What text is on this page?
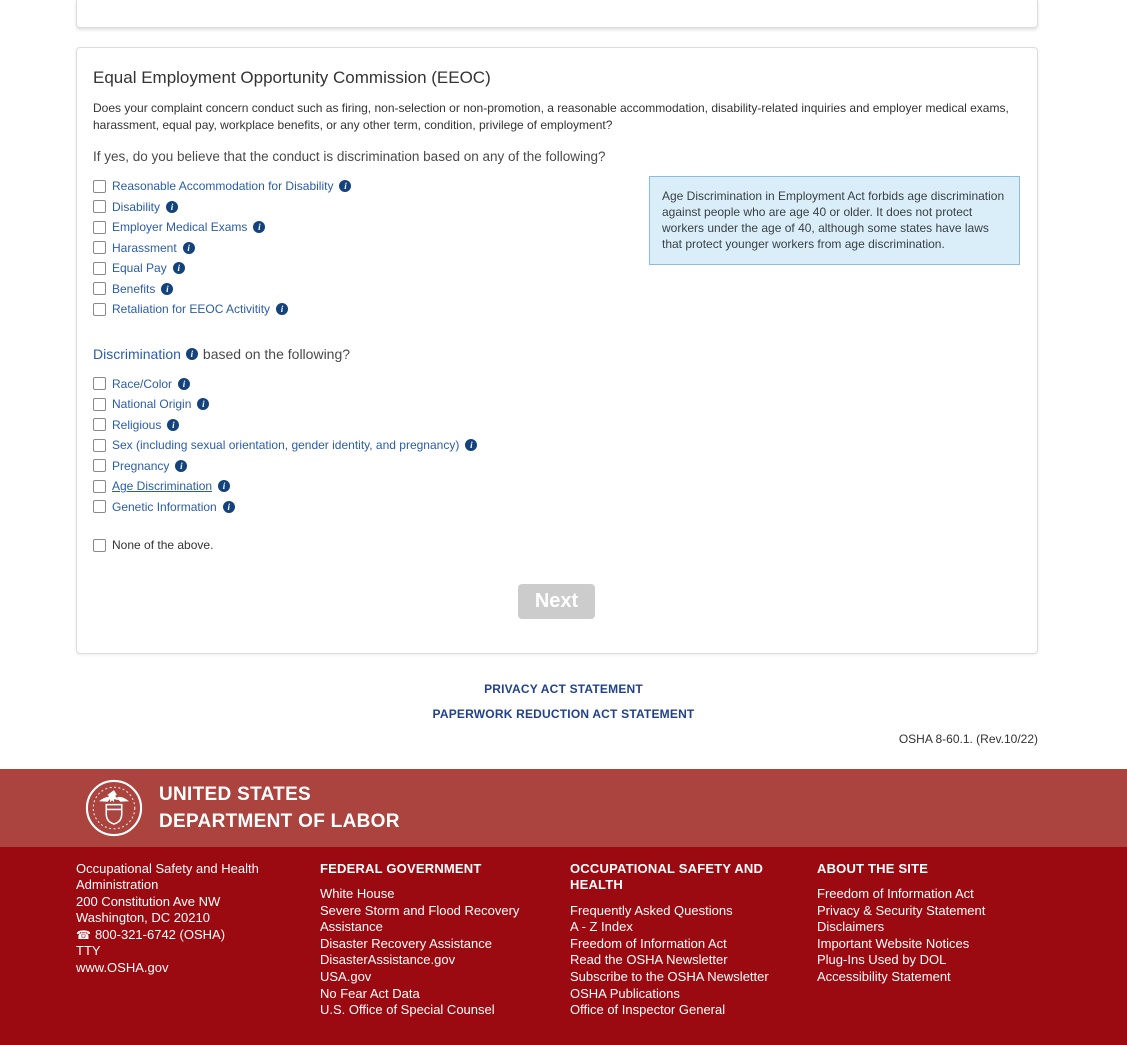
Equal Employment Opportunity Commission (EEOC)

Does your complaint concern conduct such as firing, non-selection or non-promotion, a reasonable accommodation, disability-related inquiries and employer medical exams, harassment, equal pay, workplace benefits, or any other term, condition, privilege of employment?

If yes, do you believe that the conduct is discrimination based on any of the following?

Reasonable Accommodation for Disability
i
Disability
i
Employer Medical Exams
i
Harassment
i
Equal Pay
i
Benefits
i
Retaliation for EEOC Activitity
i
Age Discrimination in Employment Act forbids age discrimination against people who are age 40 or older. It does not protect workers under the age of 40, although some states have laws that protect younger workers from age discrimination.
Discrimination i based on the following?
Race/Color
i
National Origin
i
Religious
i
Sex (including sexual orientation, gender identity, and pregnancy)
i
Pregnancy
i
Age Discrimination
i
Genetic Information
i
None of the above.
Next
PRIVACY ACT STATEMENT
PAPERWORK REDUCTION ACT STATEMENT
OSHA 8-60.1. (Rev.10/22)
UNITED STATES
DEPARTMENT OF LABOR
Occupational Safety and Health Administration
200 Constitution Ave NW
Washington, DC 20210
☎ 800-321-6742 (OSHA)
TTY
www.OSHA.gov
FEDERAL GOVERNMENT
White House
Severe Storm and Flood Recovery Assistance
Disaster Recovery Assistance
DisasterAssistance.gov
USA.gov
No Fear Act Data
U.S. Office of Special Counsel
OCCUPATIONAL SAFETY AND HEALTH
Frequently Asked Questions
A - Z Index
Freedom of Information Act
Read the OSHA Newsletter
Subscribe to the OSHA Newsletter
OSHA Publications
Office of Inspector General
ABOUT THE SITE
Freedom of Information Act
Privacy & Security Statement
Disclaimers
Important Website Notices
Plug-Ins Used by DOL
Accessibility Statement
